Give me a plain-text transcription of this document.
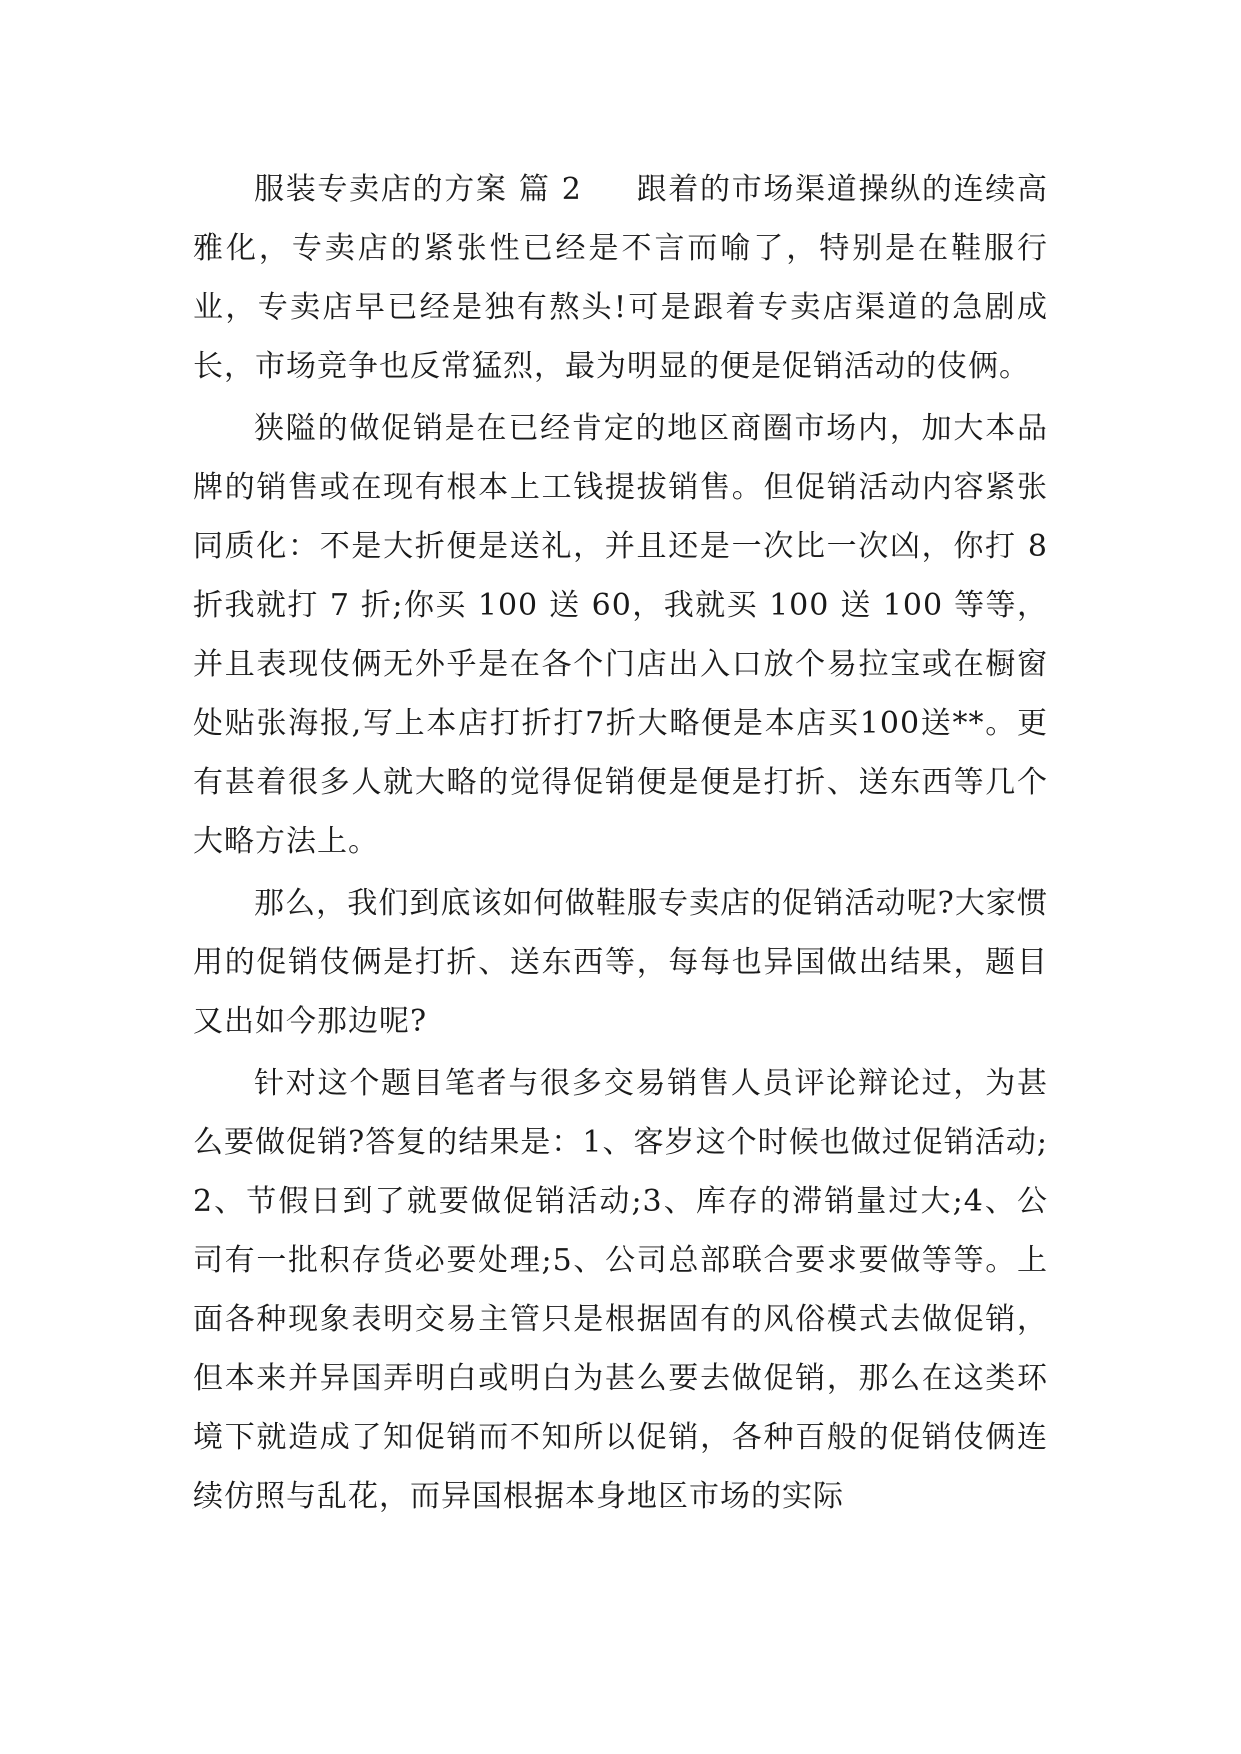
服装专卖店的方案 篇 2 跟着的市场渠道操纵的连续高雅化，专卖店的紧张性已经是不言而喻了，特别是在鞋服行业，专卖店早已经是独有熬头!可是跟着专卖店渠道的急剧成长，市场竞争也反常猛烈，最为明显的便是促销活动的伎俩。

狭隘的做促销是在已经肯定的地区商圈市场内，加大本品牌的销售或在现有根本上工钱提拔销售。但促销活动内容紧张同质化：不是大折便是送礼，并且还是一次比一次凶，你打 8 折我就打 7 折;你买 100 送 60，我就买 100 送 100 等等，并且表现伎俩无外乎是在各个门店出入口放个易拉宝或在橱窗处贴张海报,写上本店打折打7折大略便是本店买100送**。更有甚着很多人就大略的觉得促销便是便是打折、送东西等几个大略方法上。

那么，我们到底该如何做鞋服专卖店的促销活动呢?大家惯用的促销伎俩是打折、送东西等，每每也异国做出结果，题目又出如今那边呢?

针对这个题目笔者与很多交易销售人员评论辩论过，为甚么要做促销?答复的结果是：1、客岁这个时候也做过促销活动;2、节假日到了就要做促销活动;3、库存的滞销量过大;4、公司有一批积存货必要处理;5、公司总部联合要求要做等等。上面各种现象表明交易主管只是根据固有的风俗模式去做促销，但本来并异国弄明白或明白为甚么要去做促销，那么在这类环境下就造成了知促销而不知所以促销，各种百般的促销伎俩连续仿照与乱花，而异国根据本身地区市场的实际
